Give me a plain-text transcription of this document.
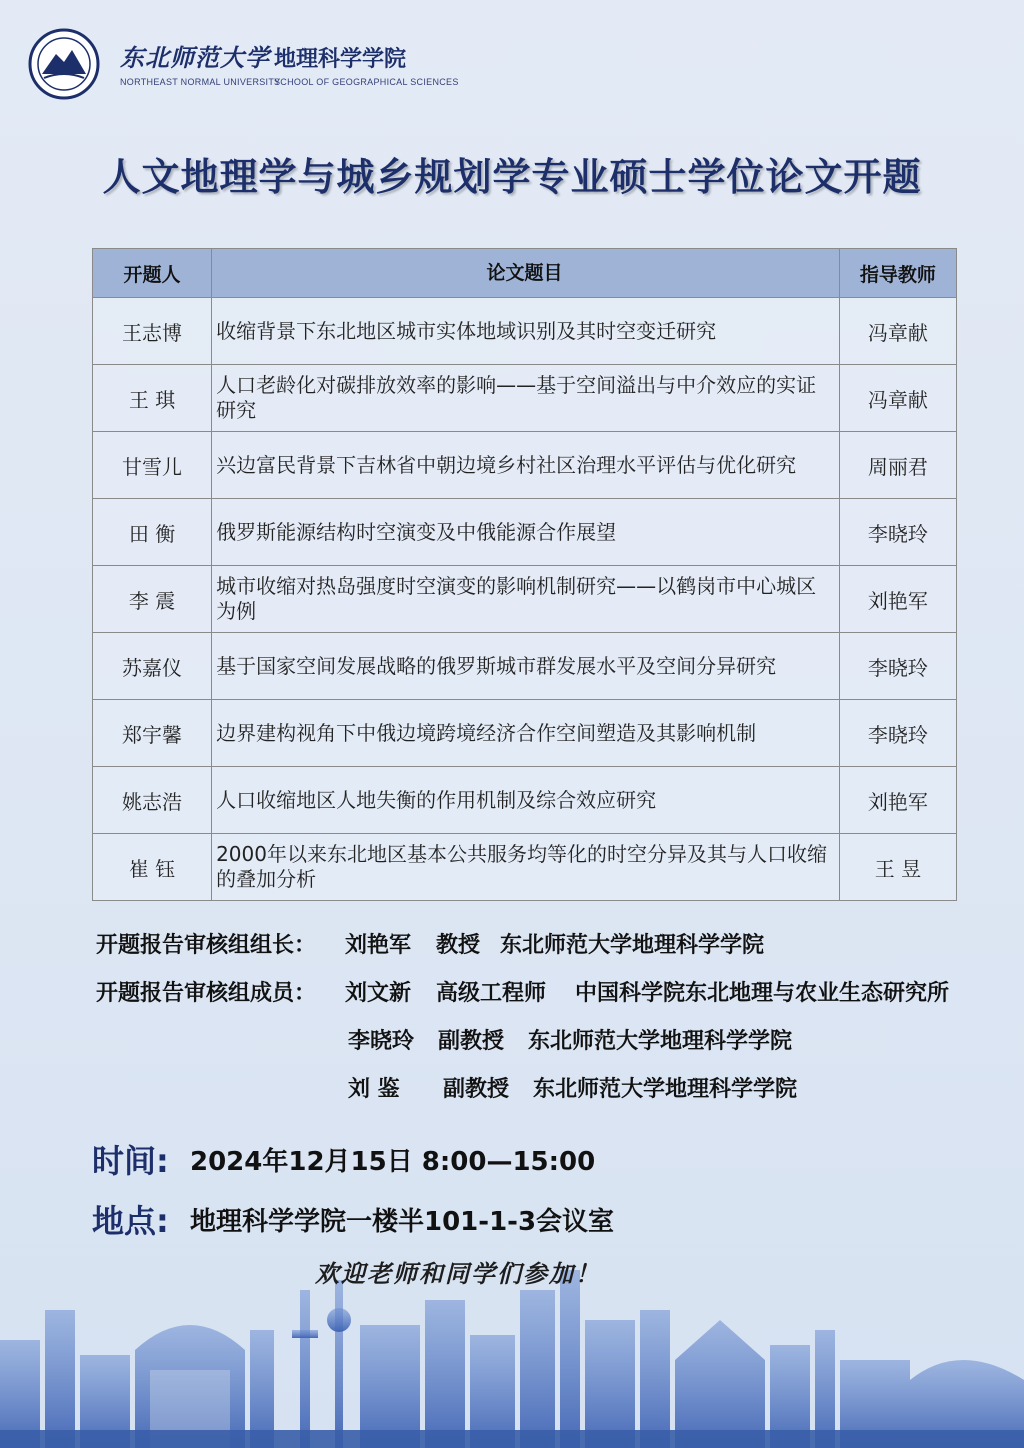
东北师范大学 地理科学学院
NORTHEAST NORMAL UNIVERSITY
SCHOOL OF GEOGRAPHICAL SCIENCES
人文地理学与城乡规划学专业硕士学位论文开题
开题人	论文题目	指导教师
王志博	收缩背景下东北地区城市实体地域识别及其时空变迁研究	冯章献
王 琪	人口老龄化对碳排放效率的影响——基于空间溢出与中介效应的实证研究	冯章献
甘雪儿	兴边富民背景下吉林省中朝边境乡村社区治理水平评估与优化研究	周丽君
田 衡	俄罗斯能源结构时空演变及中俄能源合作展望	李晓玲
李 震	城市收缩对热岛强度时空演变的影响机制研究——以鹤岗市中心城区为例	刘艳军
苏嘉仪	基于国家空间发展战略的俄罗斯城市群发展水平及空间分异研究	李晓玲
郑宇馨	边界建构视角下中俄边境跨境经济合作空间塑造及其影响机制	李晓玲
姚志浩	人口收缩地区人地失衡的作用机制及综合效应研究	刘艳军
崔 钰	2000年以来东北地区基本公共服务均等化的时空分异及其与人口收缩的叠加分析	王 昱
开题报告审核组组长： 刘艳军 教授 东北师范大学地理科学学院
开题报告审核组成员： 刘文新 高级工程师 中国科学院东北地理与农业生态研究所
李晓玲 副教授 东北师范大学地理科学学院
刘 鉴 副教授 东北师范大学地理科学学院
时间: 2024年12月15日 8:00—15:00
地点: 地理科学学院一楼半101-1-3会议室
欢迎老师和同学们参加！
